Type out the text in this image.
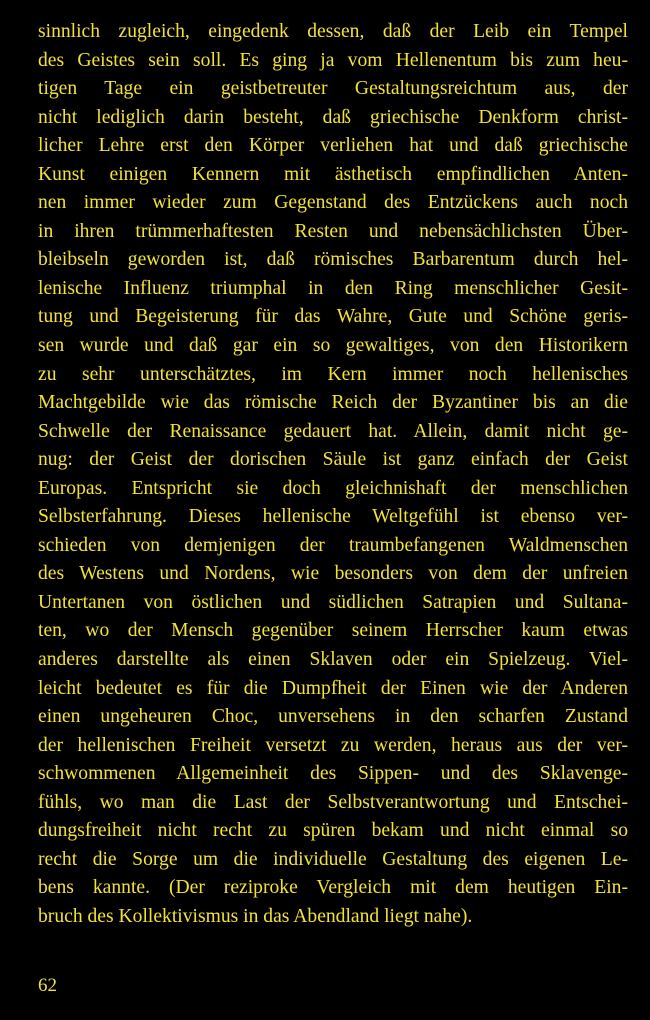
sinnlich zugleich, eingedenk dessen, daß der Leib ein Tempel
des Geistes sein soll. Es ging ja vom Hellenentum bis zum heu-
tigen Tage ein geistbetreuter Gestaltungsreichtum aus, der
nicht lediglich darin besteht, daß griechische Denkform christ-
licher Lehre erst den Körper verliehen hat und daß griechische
Kunst einigen Kennern mit ästhetisch empfindlichen Anten-
nen immer wieder zum Gegenstand des Entzückens auch noch
in ihren trümmerhaftesten Resten und nebensächlichsten Über-
bleibseln geworden ist, daß römisches Barbarentum durch hel-
lenische Influenz triumphal in den Ring menschlicher Gesit-
tung und Begeisterung für das Wahre, Gute und Schöne geris-
sen wurde und daß gar ein so gewaltiges, von den Historikern
zu sehr unterschätztes, im Kern immer noch hellenisches
Machtgebilde wie das römische Reich der Byzantiner bis an die
Schwelle der Renaissance gedauert hat. Allein, damit nicht ge-
nug: der Geist der dorischen Säule ist ganz einfach der Geist
Europas. Entspricht sie doch gleichnishaft der menschlichen
Selbsterfahrung. Dieses hellenische Weltgefühl ist ebenso ver-
schieden von demjenigen der traumbefangenen Waldmenschen
des Westens und Nordens, wie besonders von dem der unfreien
Untertanen von östlichen und südlichen Satrapien und Sultana-
ten, wo der Mensch gegenüber seinem Herrscher kaum etwas
anderes darstellte als einen Sklaven oder ein Spielzeug. Viel-
leicht bedeutet es für die Dumpfheit der Einen wie der Anderen
einen ungeheuren Choc, unversehens in den scharfen Zustand
der hellenischen Freiheit versetzt zu werden, heraus aus der ver-
schwommenen Allgemeinheit des Sippen- und des Sklavenge-
fühls, wo man die Last der Selbstverantwortung und Entschei-
dungsfreiheit nicht recht zu spüren bekam und nicht einmal so
recht die Sorge um die individuelle Gestaltung des eigenen Le-
bens kannte. (Der reziproke Vergleich mit dem heutigen Ein-
bruch des Kollektivismus in das Abendland liegt nahe).
62
